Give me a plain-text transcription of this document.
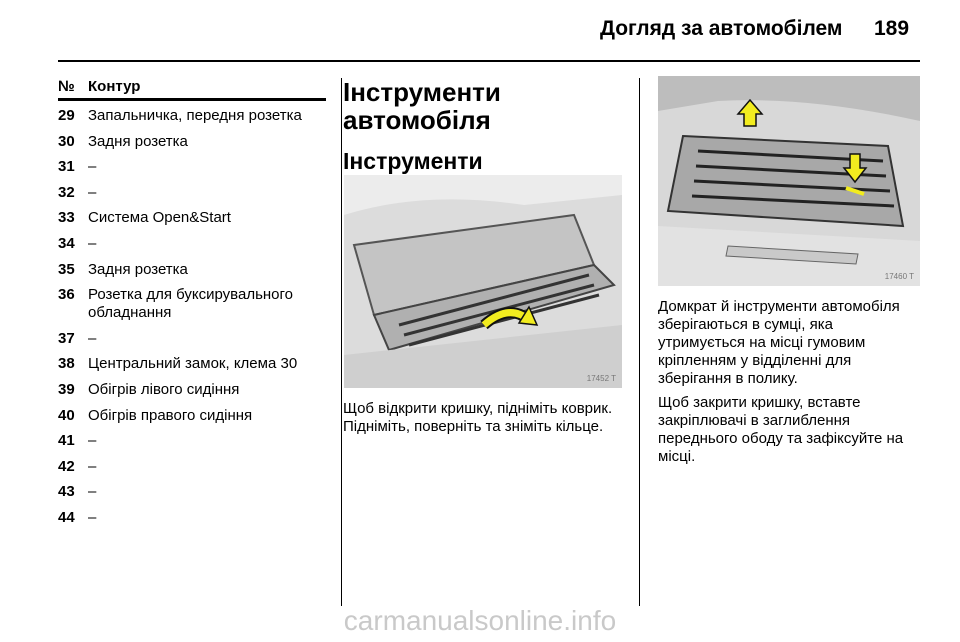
Догляд за автомобілем 189
№ Контур
29 Запальничка, передня розетка
30 Задня розетка
31 –
32 –
33 Система Open&Start
34 –
35 Задня розетка
36 Розетка для буксирувального обладнання
37 –
38 Центральний замок, клема 30
39 Обігрів лівого сидіння
40 Обігрів правого сидіння
41 –
42 –
43 –
44 –
Інструменти автомобіля
Інструменти
17452 T

Щоб відкрити кришку, підніміть коврик. Підніміть, поверніть та зніміть кільце.

17460 T

Домкрат й інструменти автомобіля зберігаються в сумці, яка утримується на місці гумовим кріпленням у відділенні для зберігання в полику.

Щоб закрити кришку, вставте закріплювачі в заглиблення переднього ободу та зафіксуйте на місці.

carmanualsonline.info
